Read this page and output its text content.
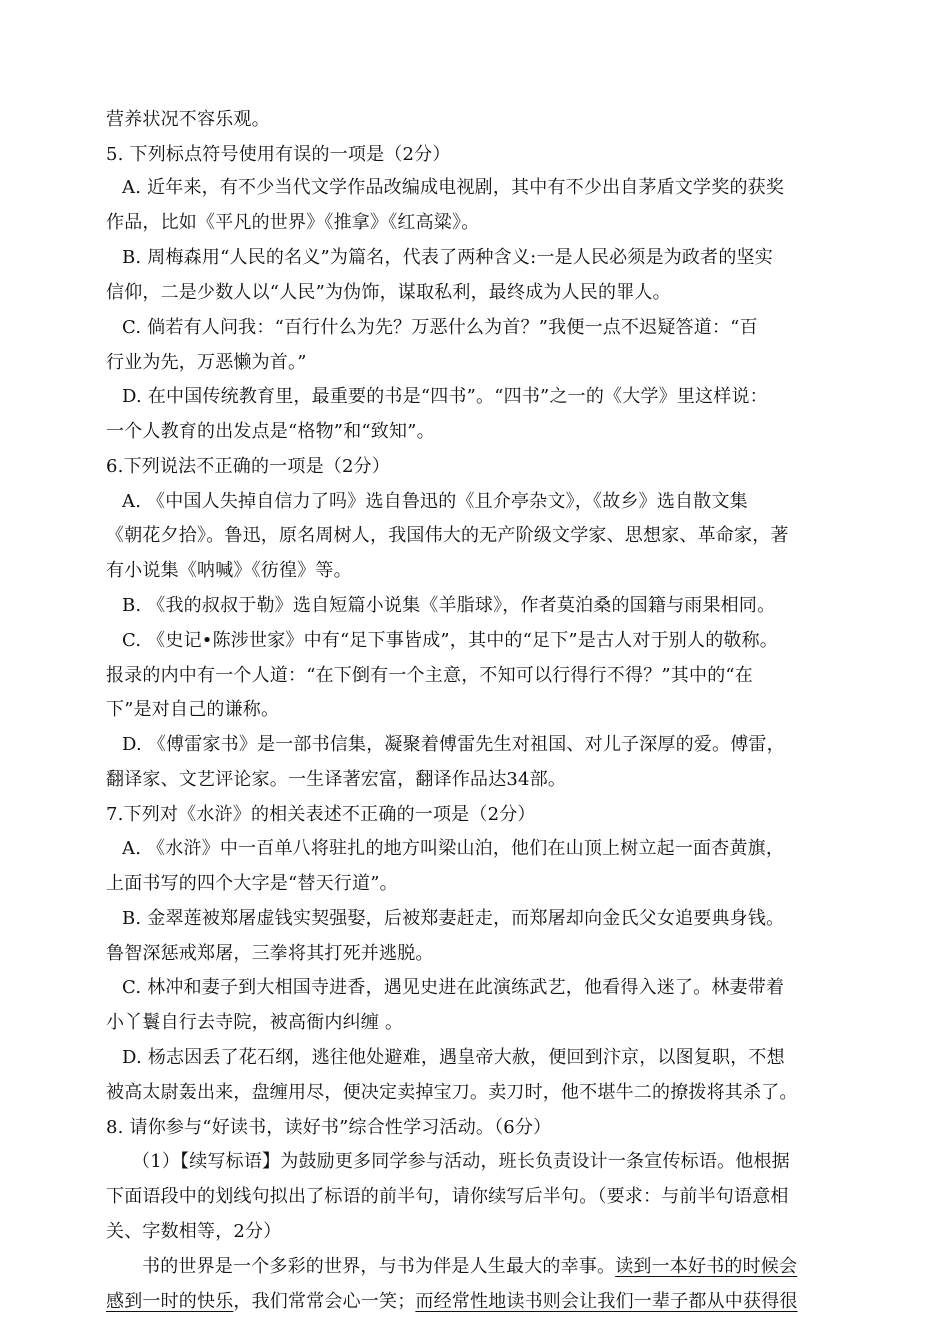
营养状况不容乐观。
5. 下列标点符号使用有误的一项是（2分）
A. 近年来，有不少当代文学作品改编成电视剧，其中有不少出自茅盾文学奖的获奖
作品，比如《平凡的世界》《推拿》《红高粱》。
B. 周梅森用“人民的名义”为篇名，代表了两种含义:一是人民必须是为政者的坚实
信仰，二是少数人以“人民”为伪饰，谋取私利，最终成为人民的罪人。
C. 倘若有人问我：“百行什么为先？万恶什么为首？”我便一点不迟疑答道：“百
行业为先，万恶懒为首。”
D. 在中国传统教育里，最重要的书是“四书”。“四书”之一的《大学》里这样说：
一个人教育的出发点是“格物”和“致知”。
6.下列说法不正确的一项是（2分）
A. 《中国人失掉自信力了吗》选自鲁迅的《且介亭杂文》，《故乡》选自散文集
《朝花夕拾》。鲁迅，原名周树人，我国伟大的无产阶级文学家、思想家、革命家，著
有小说集《呐喊》《彷徨》等。
B. 《我的叔叔于勒》选自短篇小说集《羊脂球》，作者莫泊桑的国籍与雨果相同。
C. 《史记•陈涉世家》中有“足下事皆成”，其中的“足下”是古人对于别人的敬称。
报录的内中有一个人道：“在下倒有一个主意，不知可以行得行不得？”其中的“在
下”是对自己的谦称。
D. 《傅雷家书》是一部书信集，凝聚着傅雷先生对祖国、对儿子深厚的爱。傅雷，
翻译家、文艺评论家。一生译著宏富，翻译作品达34部。
7.下列对《水浒》的相关表述不正确的一项是（2分）
A. 《水浒》中一百单八将驻扎的地方叫梁山泊，他们在山顶上树立起一面杏黄旗，
上面书写的四个大字是“替天行道”。
B. 金翠莲被郑屠虚钱实契强娶，后被郑妻赶走，而郑屠却向金氏父女追要典身钱。
鲁智深惩戒郑屠，三拳将其打死并逃脱。
C. 林冲和妻子到大相国寺进香，遇见史进在此演练武艺，他看得入迷了。林妻带着
小丫鬟自行去寺院，被高衙内纠缠 。
D. 杨志因丢了花石纲，逃往他处避难，遇皇帝大赦，便回到汴京，以图复职，不想
被高太尉轰出来，盘缠用尽，便决定卖掉宝刀。卖刀时，他不堪牛二的撩拨将其杀了。
8. 请你参与“好读书，读好书”综合性学习活动。（6分）
（1）【续写标语】为鼓励更多同学参与活动，班长负责设计一条宣传标语。他根据
下面语段中的划线句拟出了标语的前半句，请你续写后半句。（要求：与前半句语意相
关、字数相等，2分）
书的世界是一个多彩的世界，与书为伴是人生最大的幸事。读到一本好书的时候会
感到一时的快乐，我们常常会心一笑；而经常性地读书则会让我们一辈子都从中获得很
